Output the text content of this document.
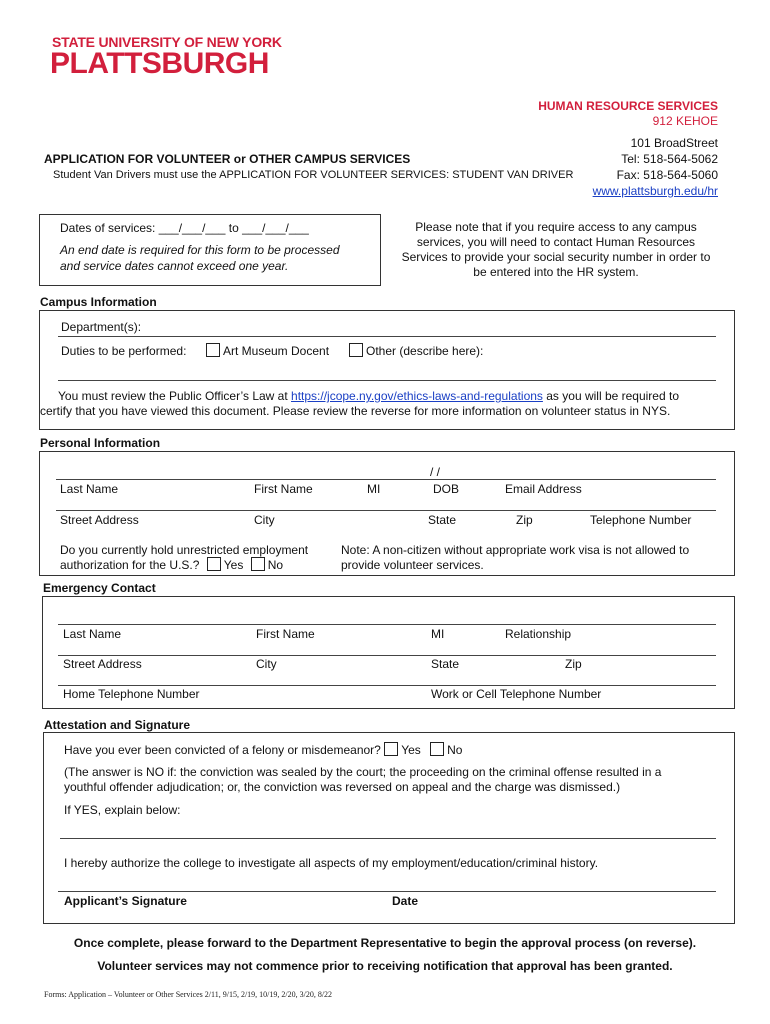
STATE UNIVERSITY OF NEW YORK
PLATTSBURGH
HUMAN RESOURCE SERVICES
912 KEHOE
101 BroadStreet
Tel: 518-564-5062
Fax: 518-564-5060
www.plattsburgh.edu/hr
APPLICATION FOR VOLUNTEER or OTHER CAMPUS SERVICES
Student Van Drivers must use the APPLICATION FOR VOLUNTEER SERVICES: STUDENT VAN DRIVER
Dates of services: ___/___/___ to ___/___/___
An end date is required for this form to be processed
and service dates cannot exceed one year.
Please note that if you require access to any campus
services, you will need to contact Human Resources
Services to provide your social security number in order to
be entered into the HR system.
Campus Information
Department(s):
Duties to be performed:	Art Museum Docent	Other (describe here):
You must review the Public Officer’s Law at https://jcope.ny.gov/ethics-laws-and-regulations as you will be required to
certify that you have viewed this document. Please review the reverse for more information on volunteer status in NYS.
Personal Information
/ /
Last Name	First Name	MI	DOB	Email Address
Street Address	City	State	Zip	Telephone Number
Do you currently hold unrestricted employment
authorization for the U.S.? Yes No
Note: A non-citizen without appropriate work visa is not allowed to
provide volunteer services.
Emergency Contact
Last Name	First Name	MI	Relationship
Street Address	City	State	Zip
Home Telephone Number	Work or Cell Telephone Number
Attestation and Signature
Have you ever been convicted of a felony or misdemeanor? Yes No
(The answer is NO if: the conviction was sealed by the court; the proceeding on the criminal offense resulted in a
youthful offender adjudication; or, the conviction was reversed on appeal and the charge was dismissed.)
If YES, explain below:
I hereby authorize the college to investigate all aspects of my employment/education/criminal history.
Applicant’s Signature	Date
Once complete, please forward to the Department Representative to begin the approval process (on reverse).
Volunteer services may not commence prior to receiving notification that approval has been granted.
Forms: Application – Volunteer or Other Services 2/11, 9/15, 2/19, 10/19, 2/20, 3/20, 8/22
